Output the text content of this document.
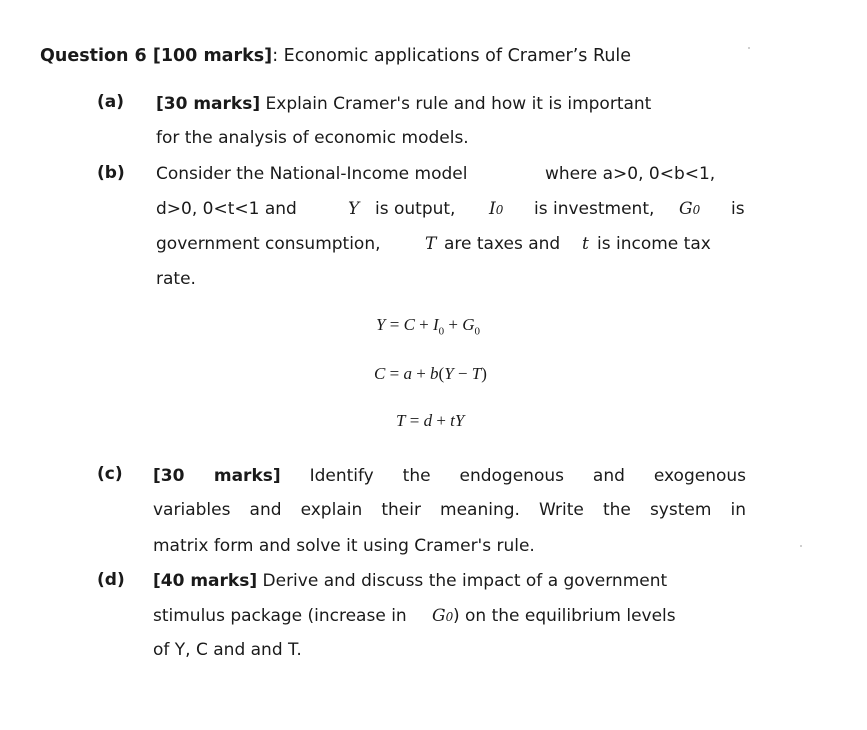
Question 6 [100 marks]: Economic applications of Cramer’s Rule
(a) [30 marks] Explain Cramer's rule and how it is important
for the analysis of economic models.
(b) Consider the National-Income model	where a>0, 0<b<1,
d>0, 0<t<1 and	Y is output, I0 is investment, G0 is
government consumption,	T are taxes and t is income tax
rate.
$Y = C + I_0 + G_0$
C = a + b(Y − T)
T = d + tY
(c) [30 marks] Identify the endogenous and exogenous
variables and explain their meaning. Write the system in
matrix form and solve it using Cramer's rule.
(d) [40 marks] Derive and discuss the impact of a government
stimulus package (increase in G0 ) on the equilibrium levels
of Y, C and and T.
